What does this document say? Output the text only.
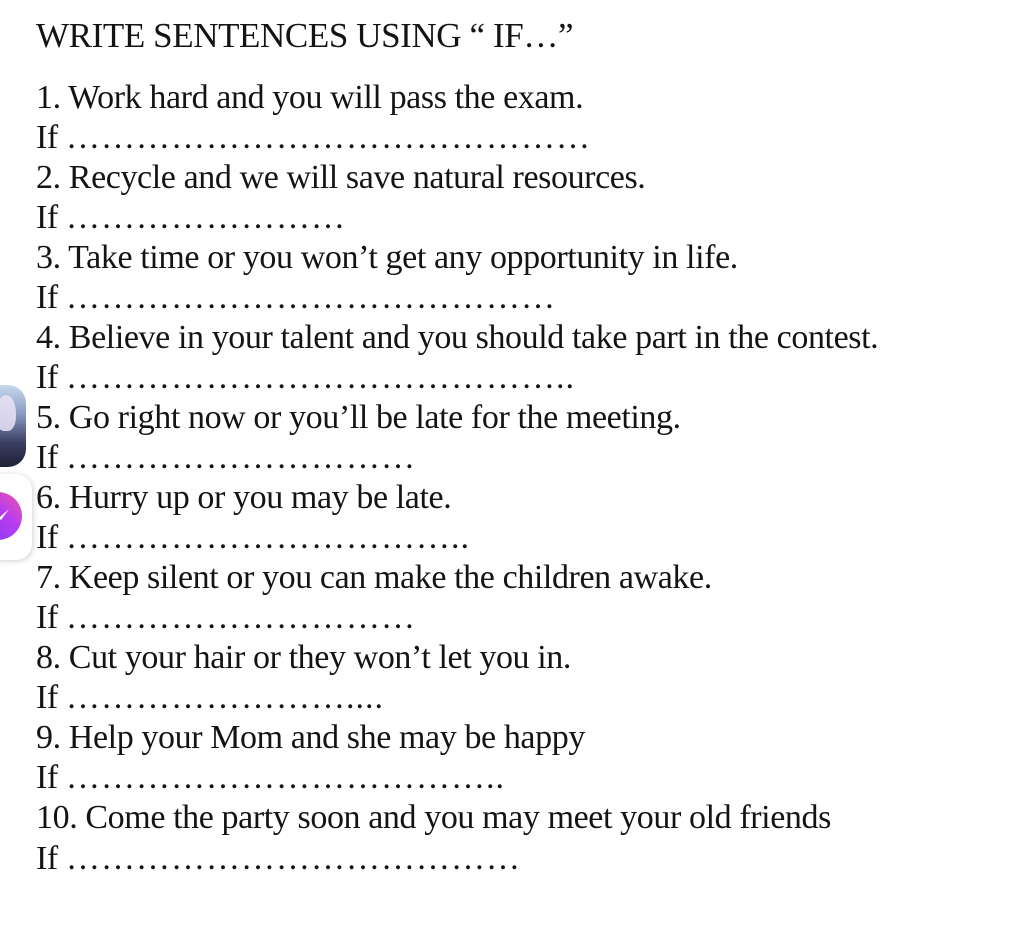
WRITE SENTENCES USING “ IF…”
1. Work hard and you will pass the exam.
If ………………………………………
2. Recycle and we will save natural resources.
If ……………………
3. Take time or you won’t get any opportunity in life.
If ……………………………………
4. Believe in your talent and you should take part in the contest.
If ……………………………………..
5. Go right now or you’ll be late for the meeting.
If …………………………
6. Hurry up or you may be late.
If ……………………………..
7. Keep silent or you can make the children awake.
If …………………………
8. Cut your hair or they won’t let you in.
If ……………………....
9. Help your Mom and she may be happy
If ………………………………..
10. Come the party soon and you may meet your old friends
If …………………………………
